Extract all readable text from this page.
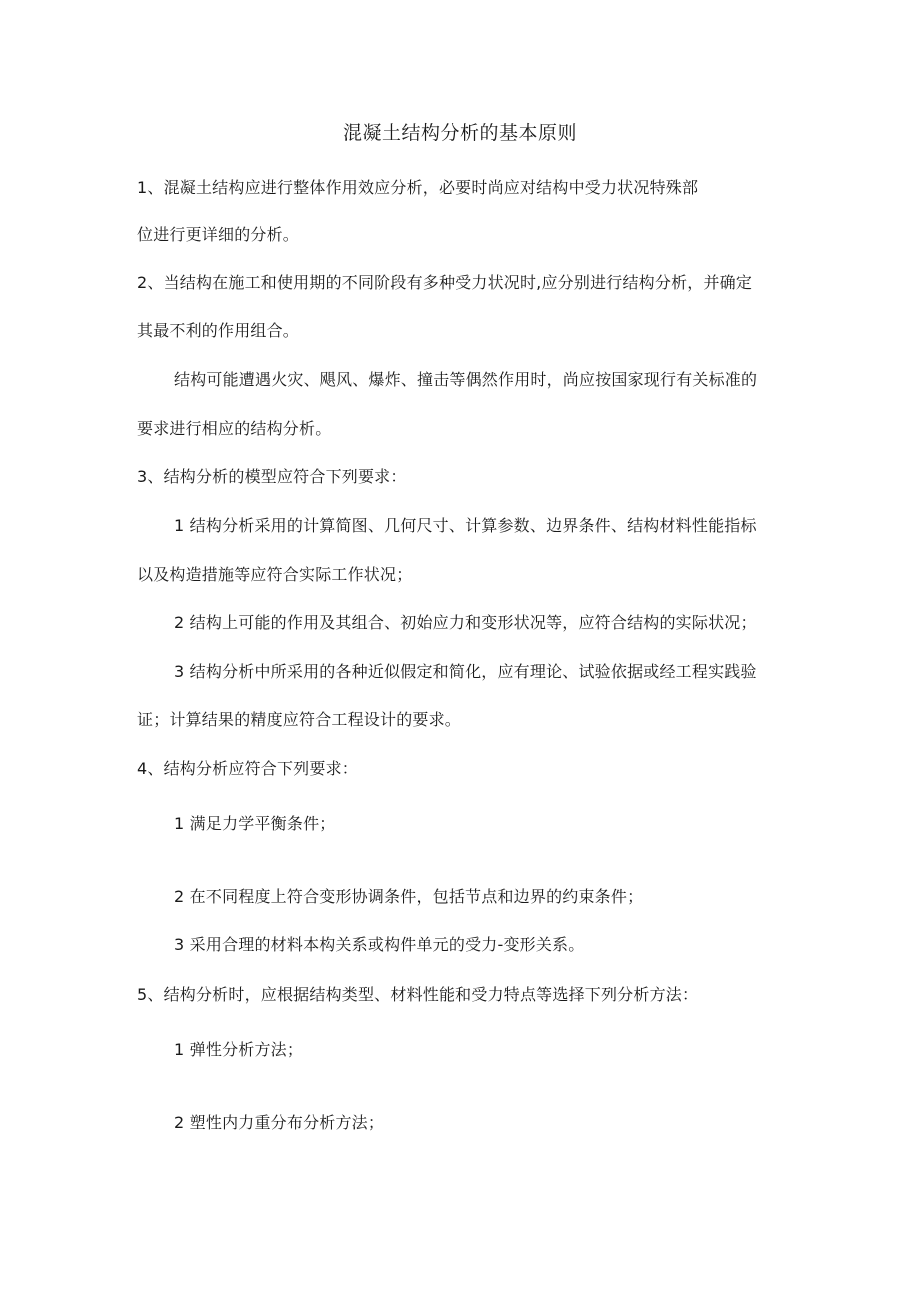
混凝土结构分析的基本原则
1、混凝土结构应进行整体作用效应分析，必要时尚应对结构中受力状况特殊部
位进行更详细的分析。
2、当结构在施工和使用期的不同阶段有多种受力状况时,应分别进行结构分析，并确定
其最不利的作用组合。
结构可能遭遇火灾、飓风、爆炸、撞击等偶然作用时，尚应按国家现行有关标准的
要求进行相应的结构分析。
3、结构分析的模型应符合下列要求：
1 结构分析采用的计算简图、几何尺寸、计算参数、边界条件、结构材料性能指标
以及构造措施等应符合实际工作状况；
2 结构上可能的作用及其组合、初始应力和变形状况等，应符合结构的实际状况；
3 结构分析中所采用的各种近似假定和简化，应有理论、试验依据或经工程实践验
证；计算结果的精度应符合工程设计的要求。
4、结构分析应符合下列要求：
1 满足力学平衡条件；
2 在不同程度上符合变形协调条件，包括节点和边界的约束条件；
3 采用合理的材料本构关系或构件单元的受力-变形关系。
5、结构分析时，应根据结构类型、材料性能和受力特点等选择下列分析方法：
1 弹性分析方法；
2 塑性内力重分布分析方法；
